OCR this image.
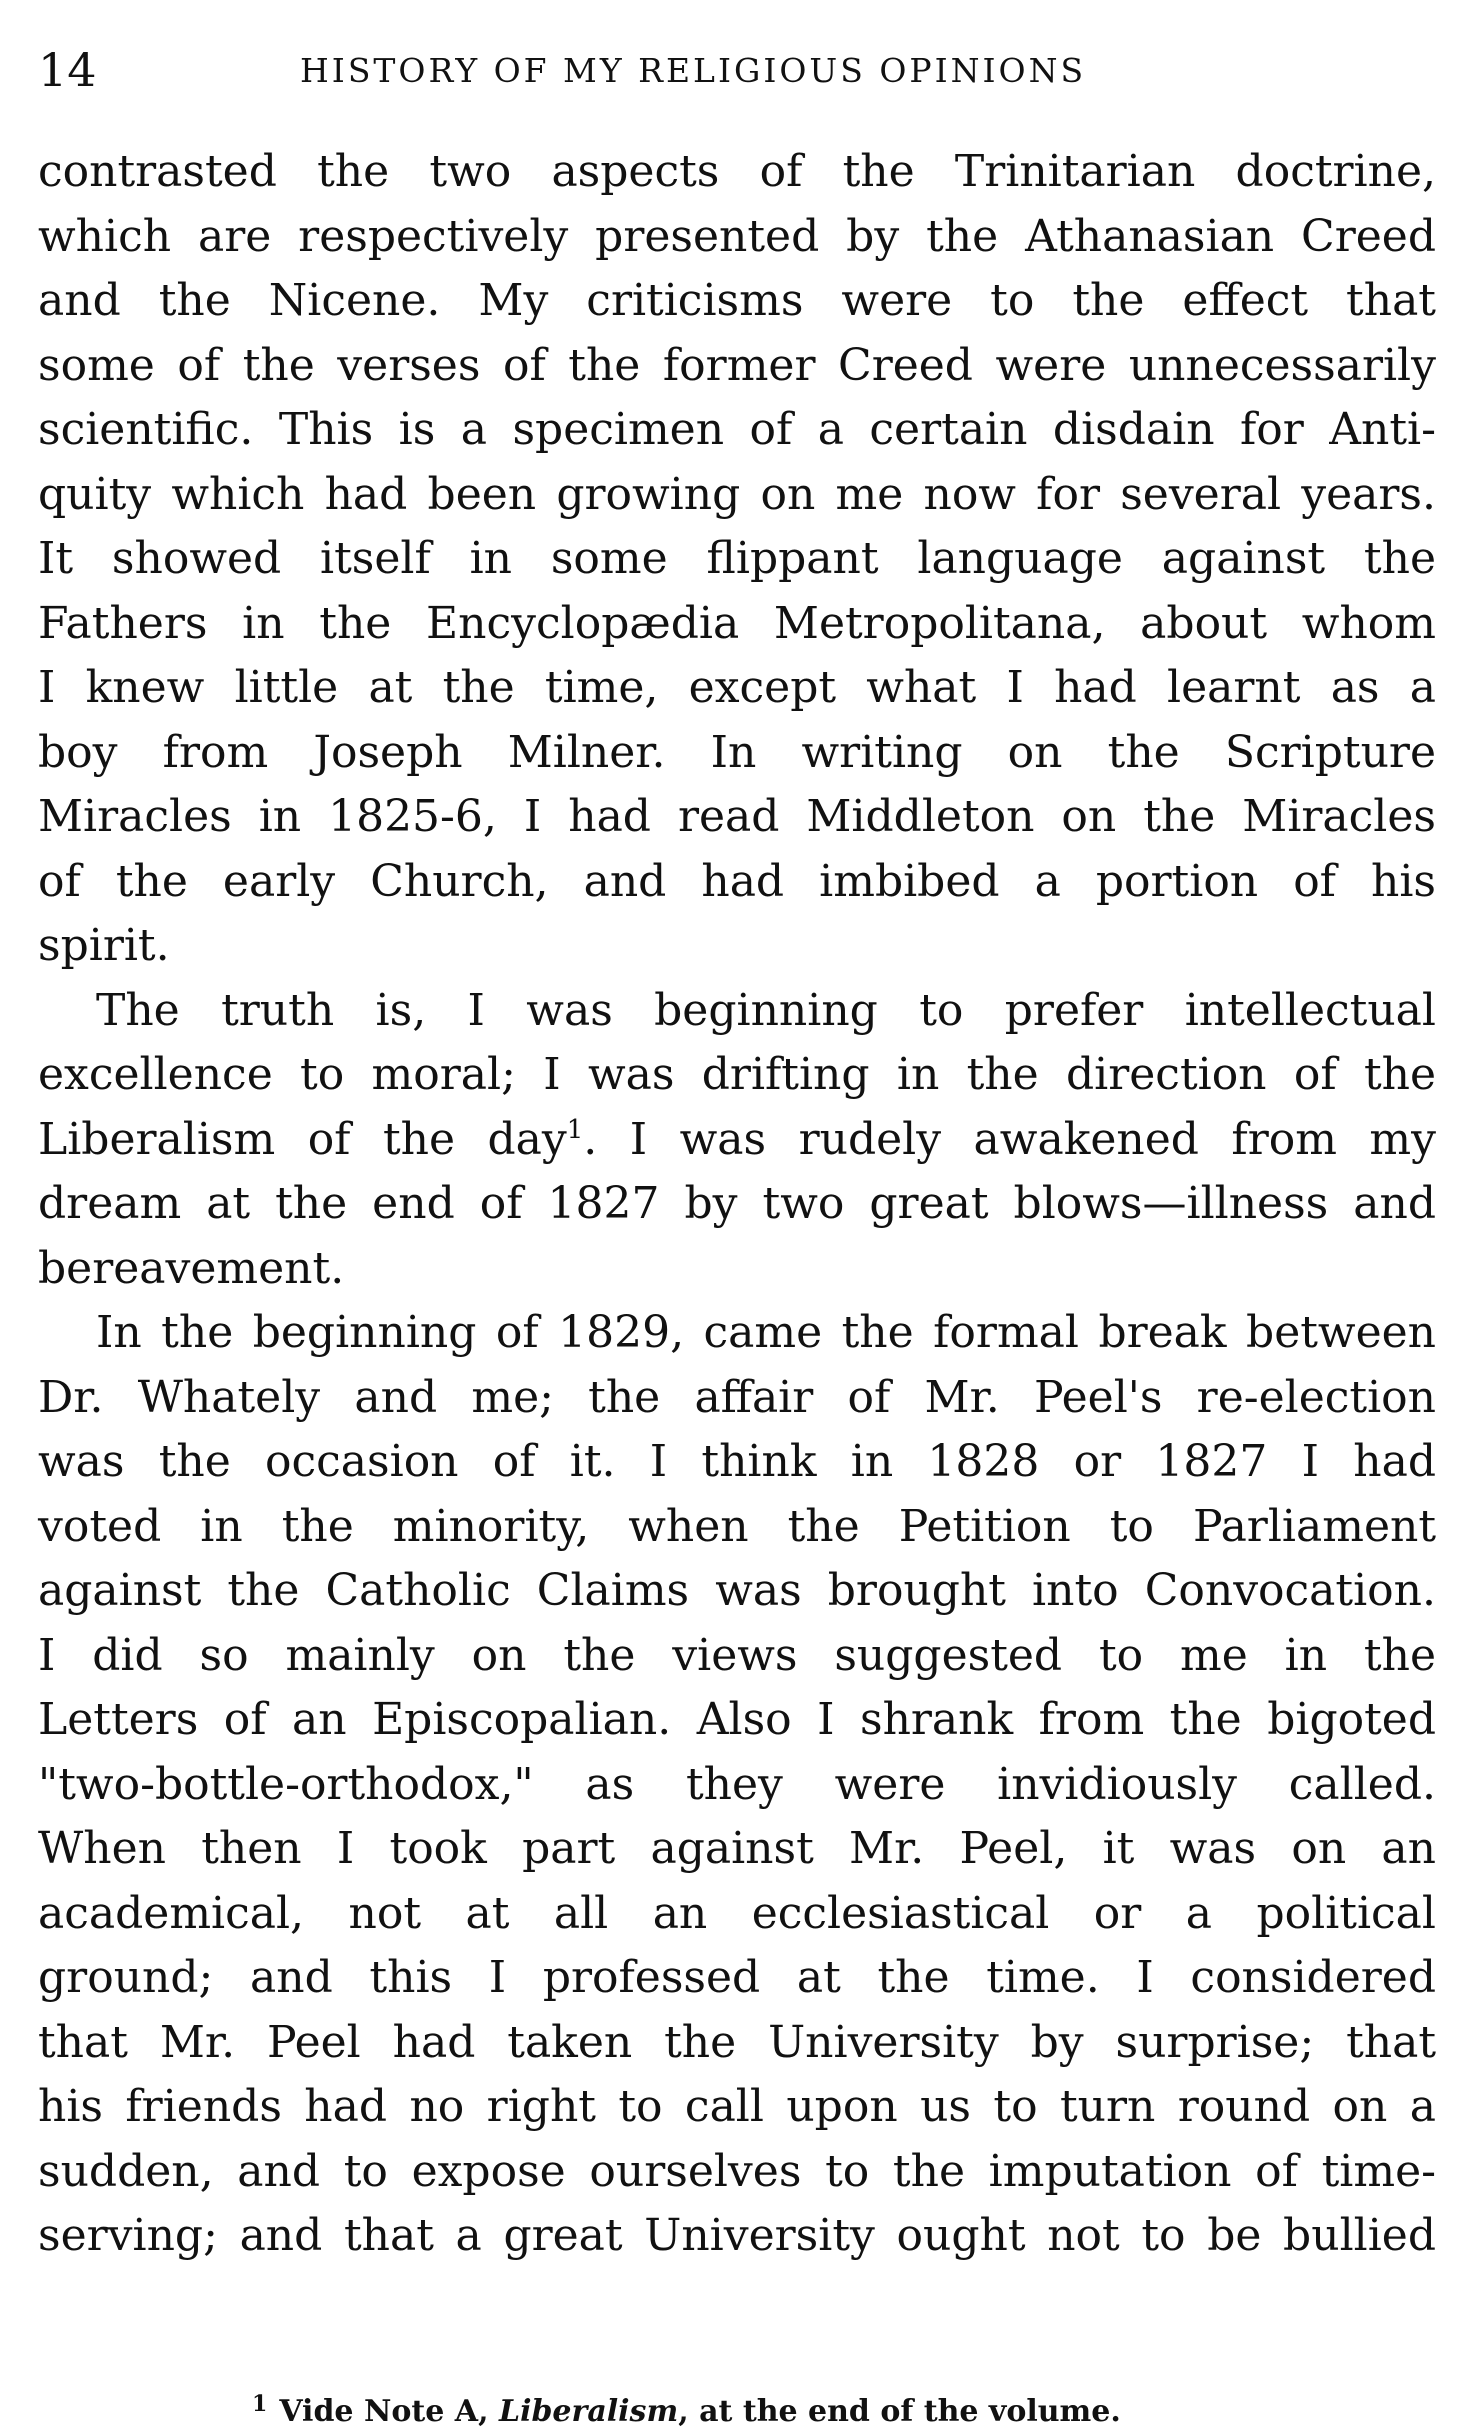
14	HISTORY OF MY RELIGIOUS OPINIONS
contrasted the two aspects of the Trinitarian doctrine,
which are respectively presented by the Athanasian Creed
and the Nicene. My criticisms were to the effect that
some of the verses of the former Creed were unnecessarily
scientific. This is a specimen of a certain disdain for Anti-
quity which had been growing on me now for several years.
It showed itself in some flippant language against the
Fathers in the Encyclopædia Metropolitana, about whom
I knew little at the time, except what I had learnt as a
boy from Joseph Milner. In writing on the Scripture
Miracles in 1825-6, I had read Middleton on the Miracles
of the early Church, and had imbibed a portion of his
spirit.
The truth is, I was beginning to prefer intellectual
excellence to moral; I was drifting in the direction of the
Liberalism of the day$^1$. I was rudely awakened from my
dream at the end of 1827 by two great blows—illness and
bereavement.
In the beginning of 1829, came the formal break between
Dr. Whately and me; the affair of Mr. Peel's re-election
was the occasion of it. I think in 1828 or 1827 I had
voted in the minority, when the Petition to Parliament
against the Catholic Claims was brought into Convocation.
I did so mainly on the views suggested to me in the
Letters of an Episcopalian. Also I shrank from the bigoted
"two-bottle-orthodox," as they were invidiously called.
When then I took part against Mr. Peel, it was on an
academical, not at all an ecclesiastical or a political
ground; and this I professed at the time. I considered
that Mr. Peel had taken the University by surprise; that
his friends had no right to call upon us to turn round on a
sudden, and to expose ourselves to the imputation of time-
serving; and that a great University ought not to be bullied
$^1$ Vide Note A, Liberalism, at the end of the volume.
